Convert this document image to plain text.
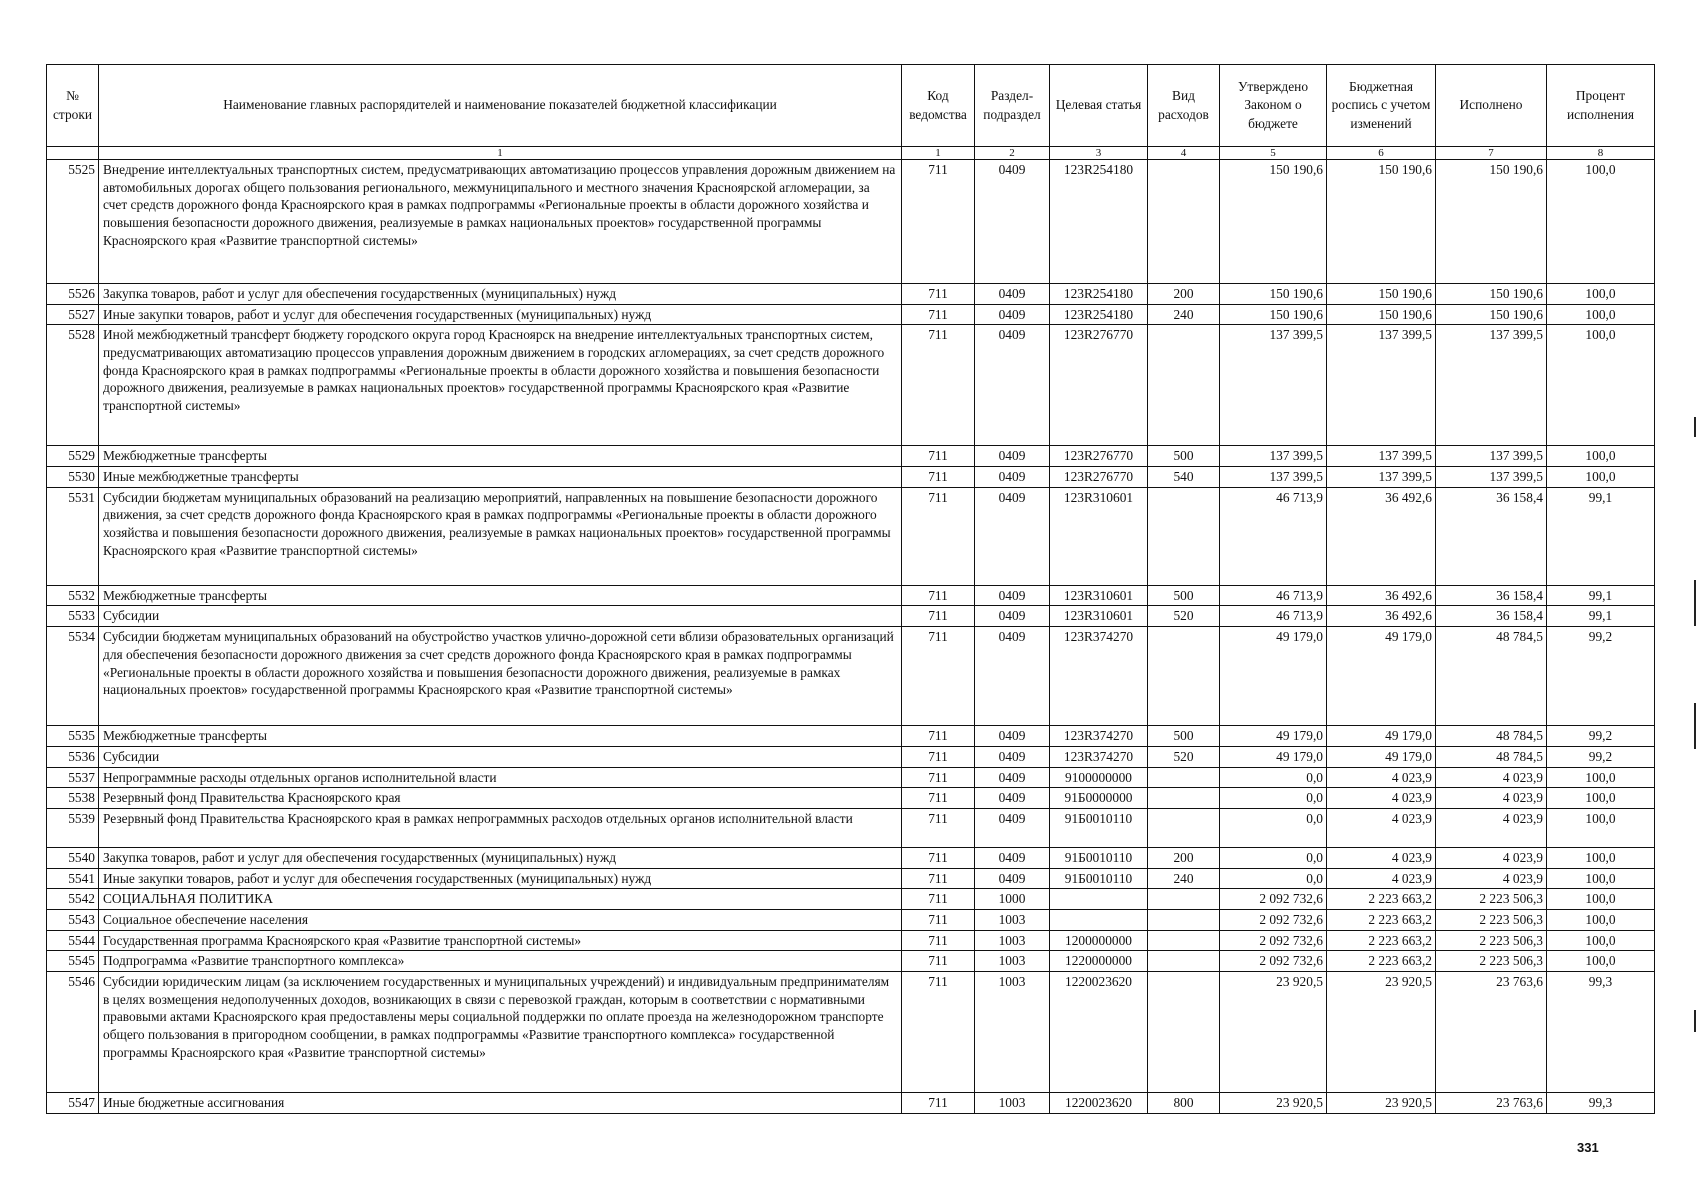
№ строки	Наименование главных распорядителей и наименование показателей бюджетной классификации	Код ведомства	Раздел-подраздел	Целевая статья	Вид расходов	Утверждено Законом о бюджете	Бюджетная роспись с учетом изменений	Исполнено	Процент исполнения
	1	1	2	3	4	5	6	7	8
5525	Внедрение интеллектуальных транспортных систем, предусматривающих автоматизацию процессов управления дорожным движением на автомобильных дорогах общего пользования регионального, межмуниципального и местного значения Красноярской агломерации, за счет средств дорожного фонда Красноярского края в рамках подпрограммы «Региональные проекты в области дорожного хозяйства и повышения безопасности дорожного движения, реализуемые в рамках национальных проектов» государственной программы Красноярского края «Развитие транспортной системы»	711	0409	123R254180		150 190,6	150 190,6	150 190,6	100,0
5526	Закупка товаров, работ и услуг для обеспечения государственных (муниципальных) нужд	711	0409	123R254180	200	150 190,6	150 190,6	150 190,6	100,0
5527	Иные закупки товаров, работ и услуг для обеспечения государственных (муниципальных) нужд	711	0409	123R254180	240	150 190,6	150 190,6	150 190,6	100,0
5528	Иной межбюджетный трансферт бюджету городского округа город Красноярск на внедрение интеллектуальных транспортных систем, предусматривающих автоматизацию процессов управления дорожным движением в городских агломерациях, за счет средств дорожного фонда Красноярского края в рамках подпрограммы «Региональные проекты в области дорожного хозяйства и повышения безопасности дорожного движения, реализуемые в рамках национальных проектов» государственной программы Красноярского края «Развитие транспортной системы»	711	0409	123R276770		137 399,5	137 399,5	137 399,5	100,0
5529	Межбюджетные трансферты	711	0409	123R276770	500	137 399,5	137 399,5	137 399,5	100,0
5530	Иные межбюджетные трансферты	711	0409	123R276770	540	137 399,5	137 399,5	137 399,5	100,0
5531	Субсидии бюджетам муниципальных образований на реализацию мероприятий, направленных на повышение безопасности дорожного движения, за счет средств дорожного фонда Красноярского края в рамках подпрограммы «Региональные проекты в области дорожного хозяйства и повышения безопасности дорожного движения, реализуемые в рамках национальных проектов» государственной программы Красноярского края «Развитие транспортной системы»	711	0409	123R310601		46 713,9	36 492,6	36 158,4	99,1
5532	Межбюджетные трансферты	711	0409	123R310601	500	46 713,9	36 492,6	36 158,4	99,1
5533	Субсидии	711	0409	123R310601	520	46 713,9	36 492,6	36 158,4	99,1
5534	Субсидии бюджетам муниципальных образований на обустройство участков улично-дорожной сети вблизи образовательных организаций для обеспечения безопасности дорожного движения за счет средств дорожного фонда Красноярского края в рамках подпрограммы «Региональные проекты в области дорожного хозяйства и повышения безопасности дорожного движения, реализуемые в рамках национальных проектов» государственной программы Красноярского края «Развитие транспортной системы»	711	0409	123R374270		49 179,0	49 179,0	48 784,5	99,2
5535	Межбюджетные трансферты	711	0409	123R374270	500	49 179,0	49 179,0	48 784,5	99,2
5536	Субсидии	711	0409	123R374270	520	49 179,0	49 179,0	48 784,5	99,2
5537	Непрограммные расходы отдельных органов исполнительной власти	711	0409	9100000000		0,0	4 023,9	4 023,9	100,0
5538	Резервный фонд Правительства Красноярского края	711	0409	91Б0000000		0,0	4 023,9	4 023,9	100,0
5539	Резервный фонд Правительства Красноярского края в рамках непрограммных расходов отдельных органов исполнительной власти	711	0409	91Б0010110		0,0	4 023,9	4 023,9	100,0
5540	Закупка товаров, работ и услуг для обеспечения государственных (муниципальных) нужд	711	0409	91Б0010110	200	0,0	4 023,9	4 023,9	100,0
5541	Иные закупки товаров, работ и услуг для обеспечения государственных (муниципальных) нужд	711	0409	91Б0010110	240	0,0	4 023,9	4 023,9	100,0
5542	СОЦИАЛЬНАЯ ПОЛИТИКА	711	1000			2 092 732,6	2 223 663,2	2 223 506,3	100,0
5543	Социальное обеспечение населения	711	1003			2 092 732,6	2 223 663,2	2 223 506,3	100,0
5544	Государственная программа Красноярского края «Развитие транспортной системы»	711	1003	1200000000		2 092 732,6	2 223 663,2	2 223 506,3	100,0
5545	Подпрограмма «Развитие транспортного комплекса»	711	1003	1220000000		2 092 732,6	2 223 663,2	2 223 506,3	100,0
5546	Субсидии юридическим лицам (за исключением государственных и муниципальных учреждений) и индивидуальным предпринимателям в целях возмещения недополученных доходов, возникающих в связи с перевозкой граждан, которым в соответствии с нормативными правовыми актами Красноярского края предоставлены меры социальной поддержки по оплате проезда на железнодорожном транспорте общего пользования в пригородном сообщении, в рамках подпрограммы «Развитие транспортного комплекса» государственной программы Красноярского края «Развитие транспортной системы»	711	1003	1220023620		23 920,5	23 920,5	23 763,6	99,3
5547	Иные бюджетные ассигнования	711	1003	1220023620	800	23 920,5	23 920,5	23 763,6	99,3
331
